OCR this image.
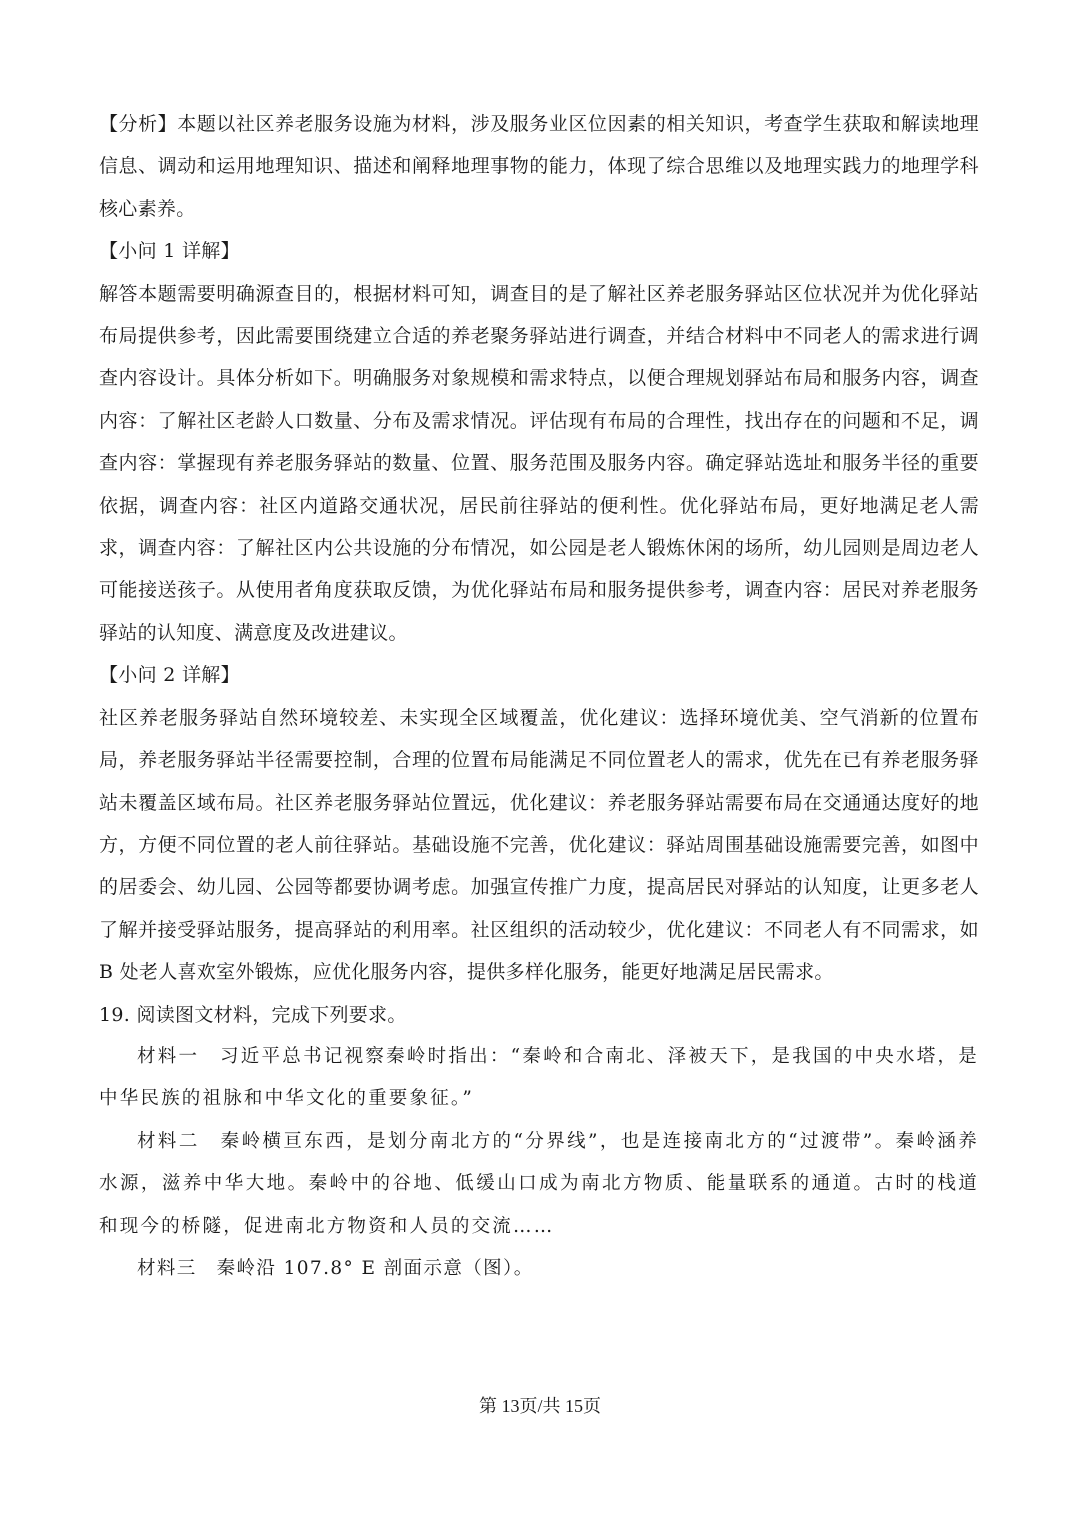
【分析】本题以社区养老服务设施为材料，涉及服务业区位因素的相关知识，考查学生获取和解读地理信息、调动和运用地理知识、描述和阐释地理事物的能力，体现了综合思维以及地理实践力的地理学科核心素养。

【小问 1 详解】

解答本题需要明确源查目的，根据材料可知，调查目的是了解社区养老服务驿站区位状况并为优化驿站布局提供参考，因此需要围绕建立合适的养老聚务驿站进行调查，并结合材料中不同老人的需求进行调查内容设计。具体分析如下。明确服务对象规模和需求特点，以便合理规划驿站布局和服务内容，调查内容：了解社区老龄人口数量、分布及需求情况。评估现有布局的合理性，找出存在的问题和不足，调查内容：掌握现有养老服务驿站的数量、位置、服务范围及服务内容。确定驿站选址和服务半径的重要依据，调查内容：社区内道路交通状况，居民前往驿站的便利性。优化驿站布局，更好地满足老人需求，调查内容：了解社区内公共设施的分布情况，如公园是老人锻炼休闲的场所，幼儿园则是周边老人可能接送孩子。从使用者角度获取反馈，为优化驿站布局和服务提供参考，调查内容：居民对养老服务驿站的认知度、满意度及改进建议。

【小问 2 详解】

社区养老服务驿站自然环境较差、未实现全区域覆盖，优化建议：选择环境优美、空气消新的位置布局，养老服务驿站半径需要控制，合理的位置布局能满足不同位置老人的需求，优先在已有养老服务驿站未覆盖区域布局。社区养老服务驿站位置远，优化建议：养老服务驿站需要布局在交通通达度好的地方，方便不同位置的老人前往驿站。基础设施不完善，优化建议：驿站周围基础设施需要完善，如图中的居委会、幼儿园、公园等都要协调考虑。加强宣传推广力度，提高居民对驿站的认知度，让更多老人了解并接受驿站服务，提高驿站的利用率。社区组织的活动较少，优化建议：不同老人有不同需求，如 B 处老人喜欢室外锻炼，应优化服务内容，提供多样化服务，能更好地满足居民需求。

19. 阅读图文材料，完成下列要求。

材料一　习近平总书记视察秦岭时指出：“秦岭和合南北、泽被天下，是我国的中央水塔，是中华民族的祖脉和中华文化的重要象征。”

材料二　秦岭横亘东西，是划分南北方的“分界线”，也是连接南北方的“过渡带”。秦岭涵养水源，滋养中华大地。秦岭中的谷地、低缓山口成为南北方物质、能量联系的通道。古时的栈道和现今的桥隧，促进南北方物资和人员的交流……

材料三　秦岭沿 107.8° E 剖面示意（图）。

第 13页/共 15页
